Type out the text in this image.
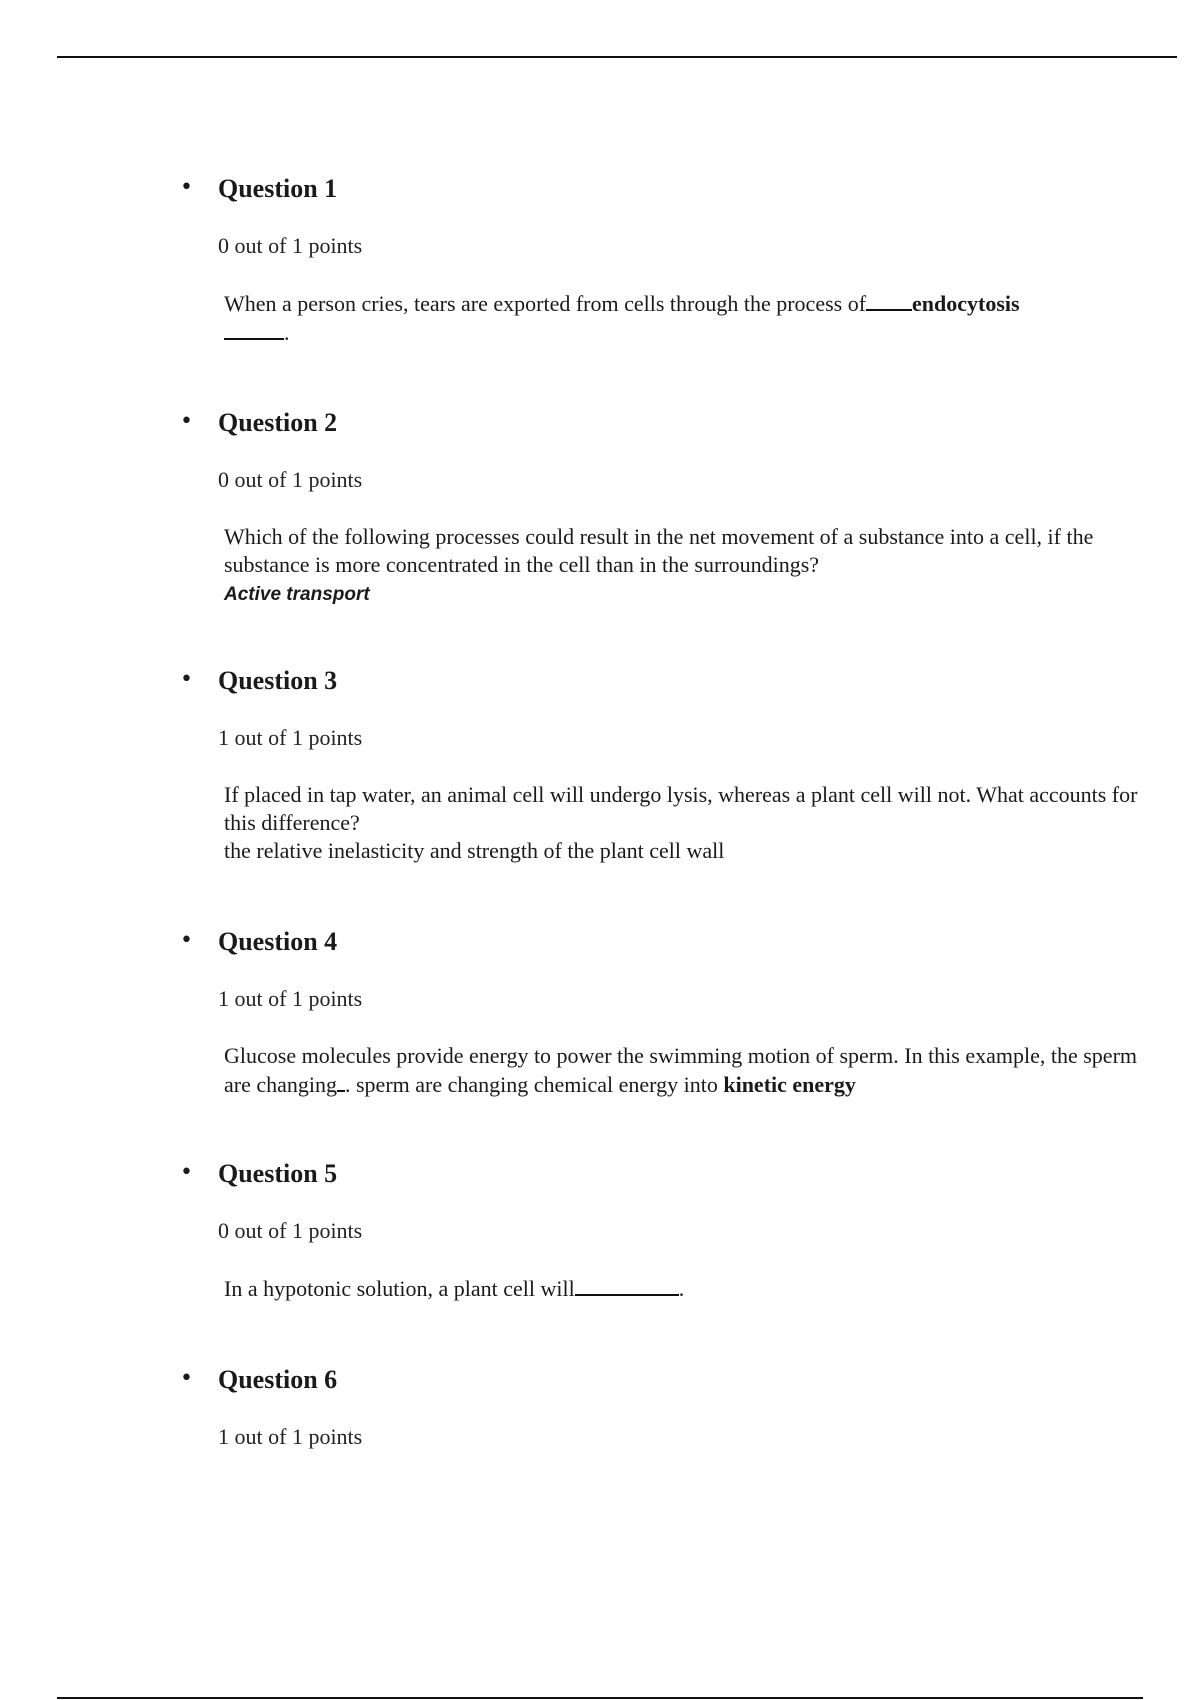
• Question 1
0 out of 1 points
When a person cries, tears are exported from cells through the process of endocytosis
.
• Question 2
0 out of 1 points
Which of the following processes could result in the net movement of a substance into a cell, if the substance is more concentrated in the cell than in the surroundings?
Active transport
• Question 3
1 out of 1 points
If placed in tap water, an animal cell will undergo lysis, whereas a plant cell will not. What accounts for this difference?
the relative inelasticity and strength of the plant cell wall
• Question 4
1 out of 1 points
Glucose molecules provide energy to power the swimming motion of sperm. In this example, the sperm are changing . sperm are changing chemical energy into kinetic energy
• Question 5
0 out of 1 points
In a hypotonic solution, a plant cell will	.
• Question 6
1 out of 1 points
